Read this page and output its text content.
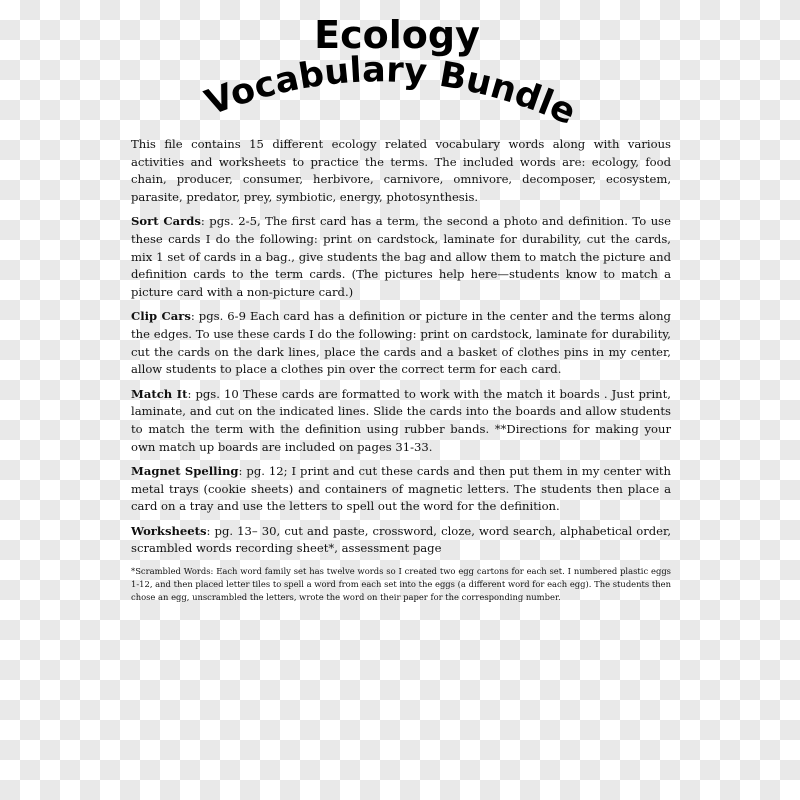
Ecology
Vocabulary Bundle

This file contains 15 different ecology related vocabulary words along with various activities and worksheets to practice the terms. The included words are: ecology, food chain, producer, consumer, herbivore, carnivore, omnivore, decomposer, ecosystem, parasite, predator, prey, symbiotic, energy, photosynthesis.

Sort Cards: pgs. 2-5, The first card has a term, the second a photo and definition. To use these cards I do the following: print on cardstock, laminate for durability, cut the cards, mix 1 set of cards in a bag., give students the bag and allow them to match the picture and definition cards to the term cards. (The pictures help here—students know to match a picture card with a non-picture card.)

Clip Cars: pgs. 6-9 Each card has a definition or picture in the center and the terms along the edges. To use these cards I do the following: print on cardstock, laminate for durability, cut the cards on the dark lines, place the cards and a basket of clothes pins in my center, allow students to place a clothes pin over the correct term for each card.

Match It: pgs. 10 These cards are formatted to work with the match it boards . Just print, laminate, and cut on the indicated lines. Slide the cards into the boards and allow students to match the term with the definition using rubber bands. **Directions for making your own match up boards are included on pages 31-33.

Magnet Spelling: pg. 12; I print and cut these cards and then put them in my center with metal trays (cookie sheets) and containers of magnetic letters. The students then place a card on a tray and use the letters to spell out the word for the definition.

Worksheets: pg. 13– 30, cut and paste, crossword, cloze, word search, alphabetical order, scrambled words recording sheet*, assessment page

*Scrambled Words: Each word family set has twelve words so I created two egg cartons for each set. I numbered plastic eggs 1-12, and then placed letter tiles to spell a word from each set into the eggs (a different word for each egg). The students then chose an egg, unscrambled the letters, wrote the word on their paper for the corresponding number.
